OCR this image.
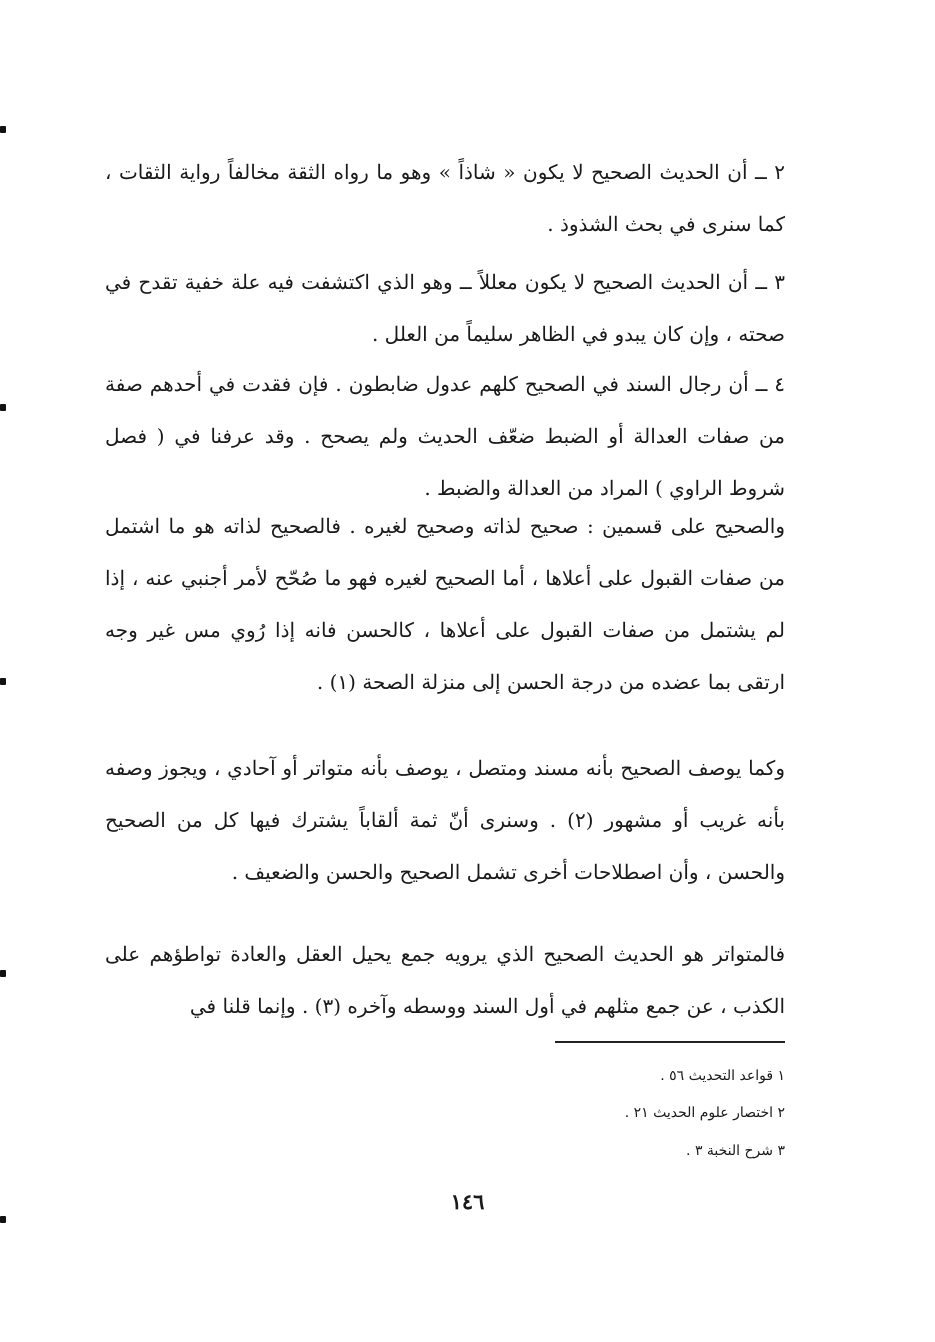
٢ ــ أن الحديث الصحيح لا يكون « شاذاً » وهو ما رواه الثقة مخالفاً رواية الثقات ، كما سنرى في بحث الشذوذ .

٣ ــ أن الحديث الصحيح لا يكون معللاً ــ وهو الذي اكتشفت فيه علة خفية تقدح في صحته ، وإن كان يبدو في الظاهر سليماً من العلل .

٤ ــ أن رجال السند في الصحيح كلهم عدول ضابطون . فإن فقدت في أحدهم صفة من صفات العدالة أو الضبط ضعّف الحديث ولم يصحح . وقد عرفنا في ( فصل شروط الراوي ) المراد من العدالة والضبط .

والصحيح على قسمين : صحيح لذاته وصحيح لغيره . فالصحيح لذاته هو ما اشتمل من صفات القبول على أعلاها ، أما الصحيح لغيره فهو ما صُحّح لأمر أجنبي عنه ، إذا لم يشتمل من صفات القبول على أعلاها ، كالحسن فانه إذا رُوي مس غير وجه ارتقى بما عضده من درجة الحسن إلى منزلة الصحة (١) .

وكما يوصف الصحيح بأنه مسند ومتصل ، يوصف بأنه متواتر أو آحادي ، ويجوز وصفه بأنه غريب أو مشهور (٢) . وسنرى أنّ ثمة ألقاباً يشترك فيها كل من الصحيح والحسن ، وأن اصطلاحات أخرى تشمل الصحيح والحسن والضعيف .

فالمتواتر هو الحديث الصحيح الذي يرويه جمع يحيل العقل والعادة تواطؤهم على الكذب ، عن جمع مثلهم في أول السند ووسطه وآخره (٣) . وإنما قلنا في

١ قواعد التحديث ٥٦ .
٢ اختصار علوم الحديث ٢١ .
٣ شرح النخبة ٣ .
١٤٦
